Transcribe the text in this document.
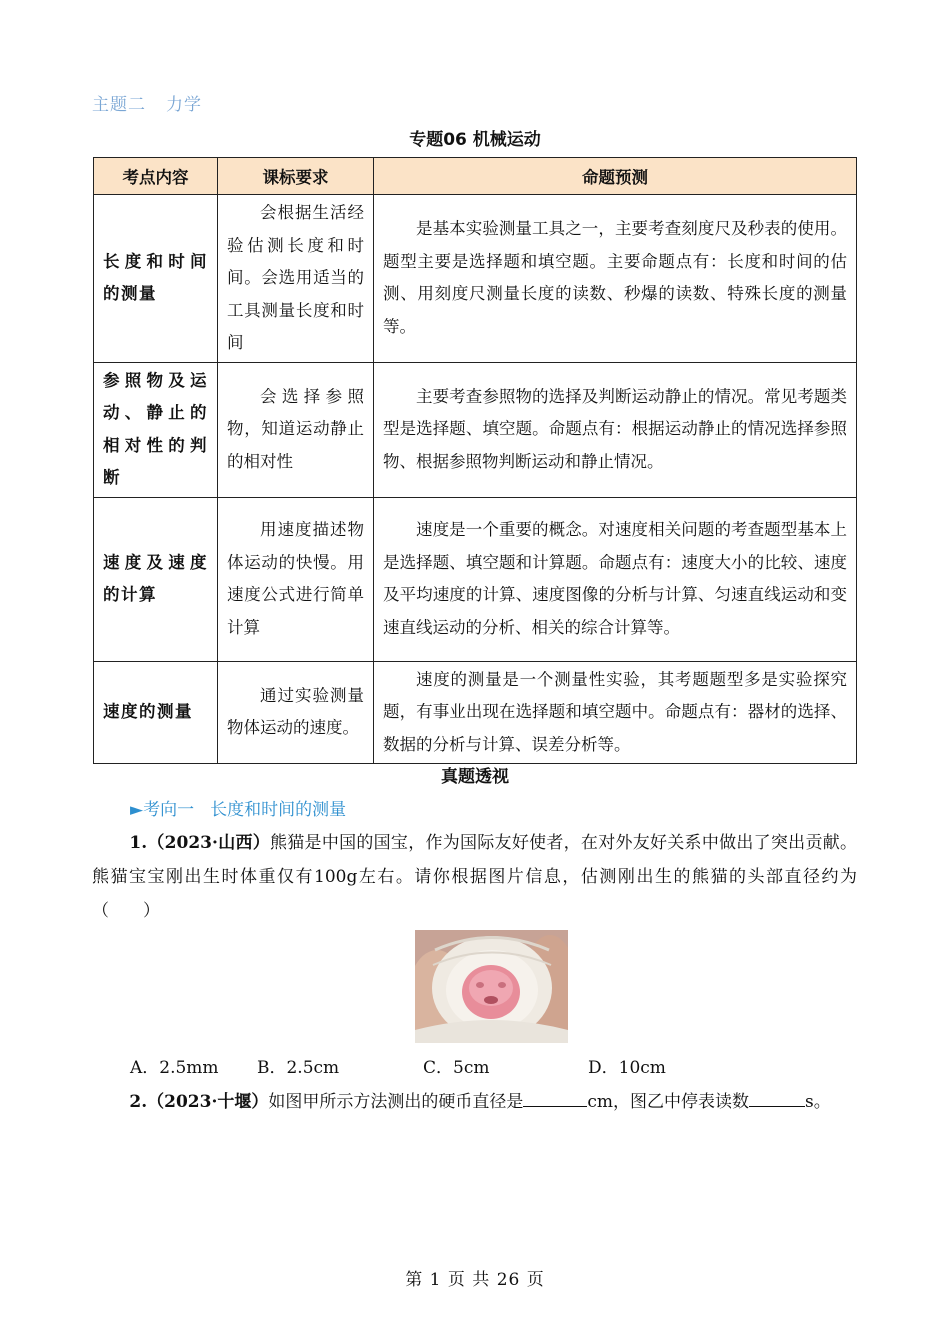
主题二 力学
专题06 机械运动
考点内容	课标要求	命题预测
长度和时间的测量	会根据生活经验估测长度和时间。会选用适当的工具测量长度和时间	是基本实验测量工具之一，主要考查刻度尺及秒表的使用。题型主要是选择题和填空题。主要命题点有：长度和时间的估测、用刻度尺测量长度的读数、秒爆的读数、特殊长度的测量等。
参照物及运动、静止的相对性的判断	会选择参照物，知道运动静止的相对性	主要考查参照物的选择及判断运动静止的情况。常见考题类型是选择题、填空题。命题点有：根据运动静止的情况选择参照物、根据参照物判断运动和静止情况。
速度及速度的计算	用速度描述物体运动的快慢。用速度公式进行简单计算	速度是一个重要的概念。对速度相关问题的考查题型基本上是选择题、填空题和计算题。命题点有：速度大小的比较、速度及平均速度的计算、速度图像的分析与计算、匀速直线运动和变速直线运动的分析、相关的综合计算等。
速度的测量	通过实验测量物体运动的速度。	速度的测量是一个测量性实验，其考题题型多是实验探究题，有事业出现在选择题和填空题中。命题点有：器材的选择、数据的分析与计算、误差分析等。
真题透视
►考向一 长度和时间的测量
1.（2023·山西）熊猫是中国的国宝，作为国际友好使者，在对外友好关系中做出了突出贡献。熊猫宝宝刚出生时体重仅有100g左右。请你根据图片信息，估测刚出生的熊猫的头部直径约为（　　）
A．2.5mm B．2.5cm	C．5cm	D．10cm
2.（2023·十堰）如图甲所示方法测出的硬币直径是	cm，图乙中停表读数	s。
第 1 页 共 26 页
